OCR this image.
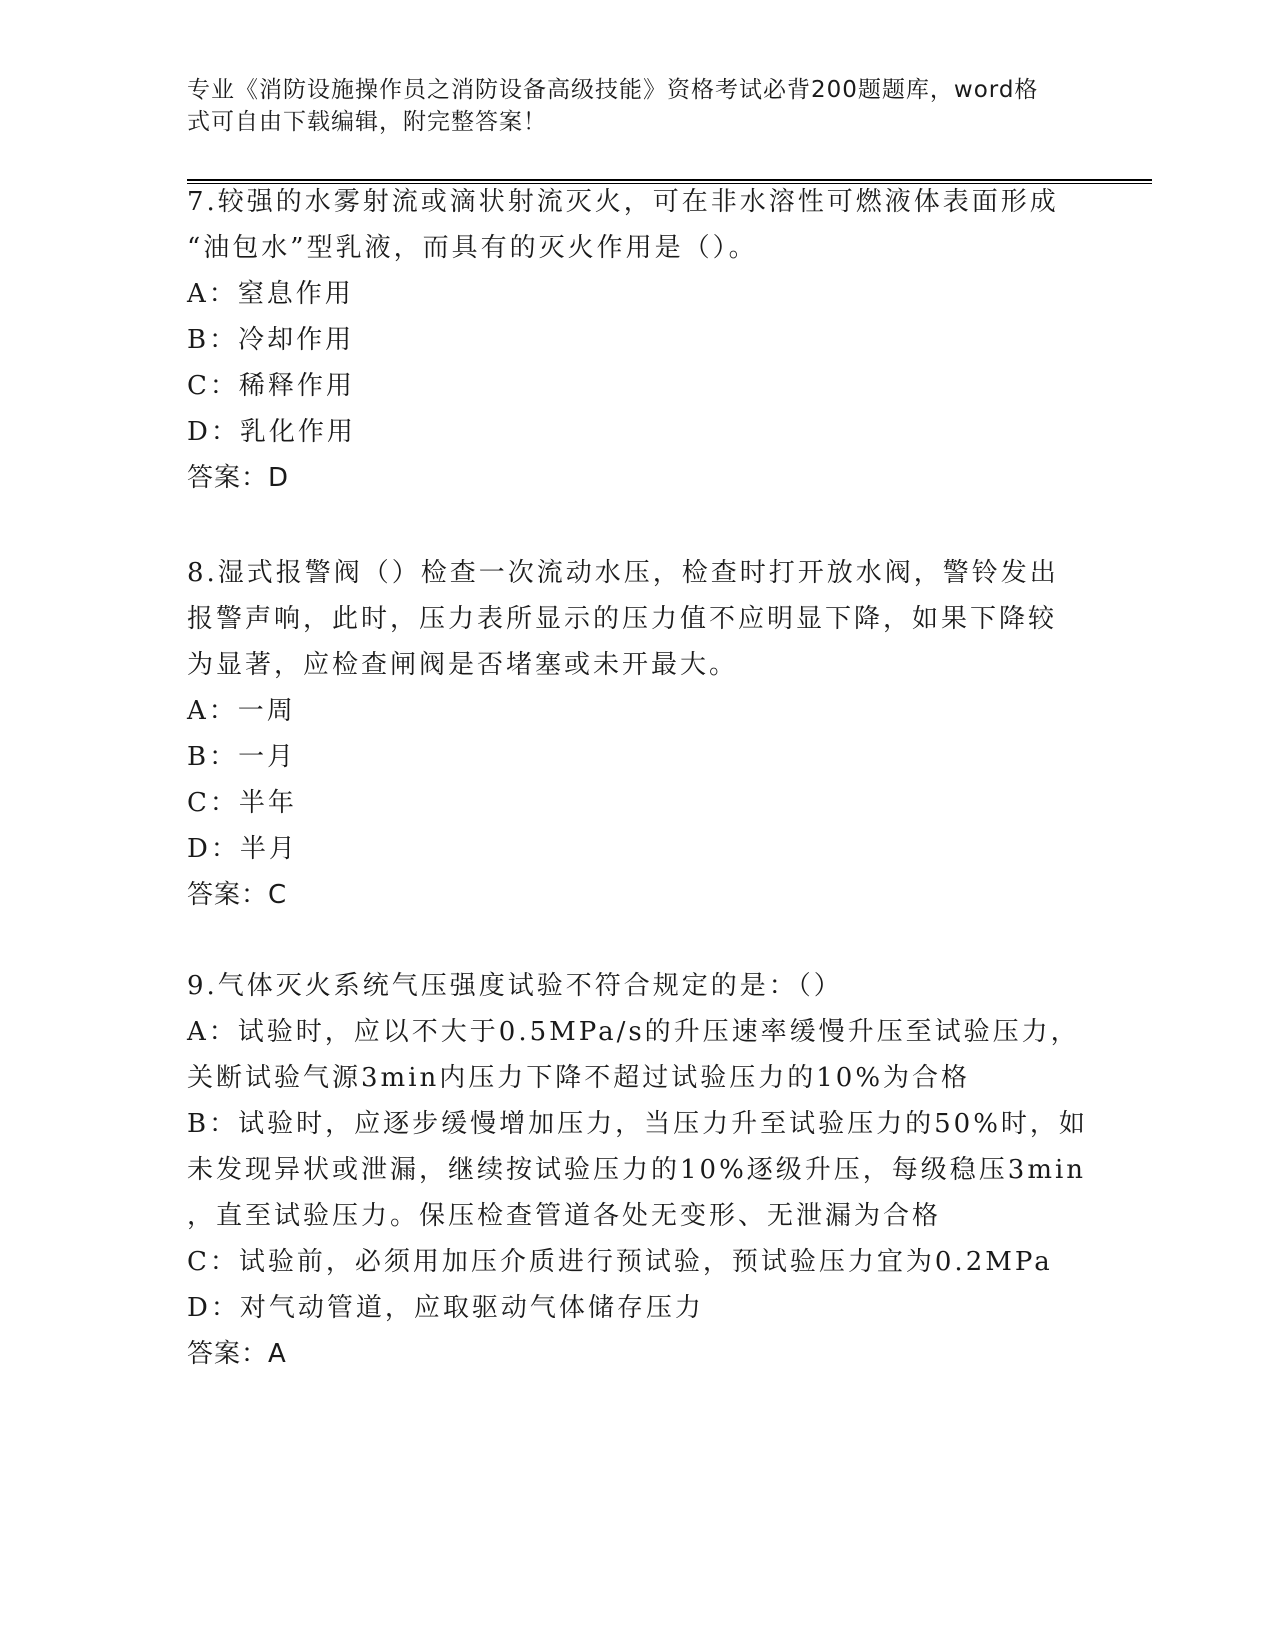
专业《消防设施操作员之消防设备高级技能》资格考试必背200题题库，word格
式可自由下载编辑，附完整答案！
7.较强的水雾射流或滴状射流灭火，可在非水溶性可燃液体表面形成
“油包水”型乳液，而具有的灭火作用是（）。
A：窒息作用
B：冷却作用
C：稀释作用
D：乳化作用
答案：D
8.湿式报警阀（）检查一次流动水压，检查时打开放水阀，警铃发出
报警声响，此时，压力表所显示的压力值不应明显下降，如果下降较
为显著，应检查闸阀是否堵塞或未开最大。
A：一周
B：一月
C：半年
D：半月
答案：C
9.气体灭火系统气压强度试验不符合规定的是：（）
A：试验时，应以不大于0.5MPa/s的升压速率缓慢升压至试验压力，
关断试验气源3min内压力下降不超过试验压力的10%为合格
B：试验时，应逐步缓慢增加压力，当压力升至试验压力的50%时，如
未发现异状或泄漏，继续按试验压力的10%逐级升压，每级稳压3min
，直至试验压力。保压检查管道各处无变形、无泄漏为合格
C：试验前，必须用加压介质进行预试验，预试验压力宜为0.2MPa
D：对气动管道，应取驱动气体储存压力
答案：A
